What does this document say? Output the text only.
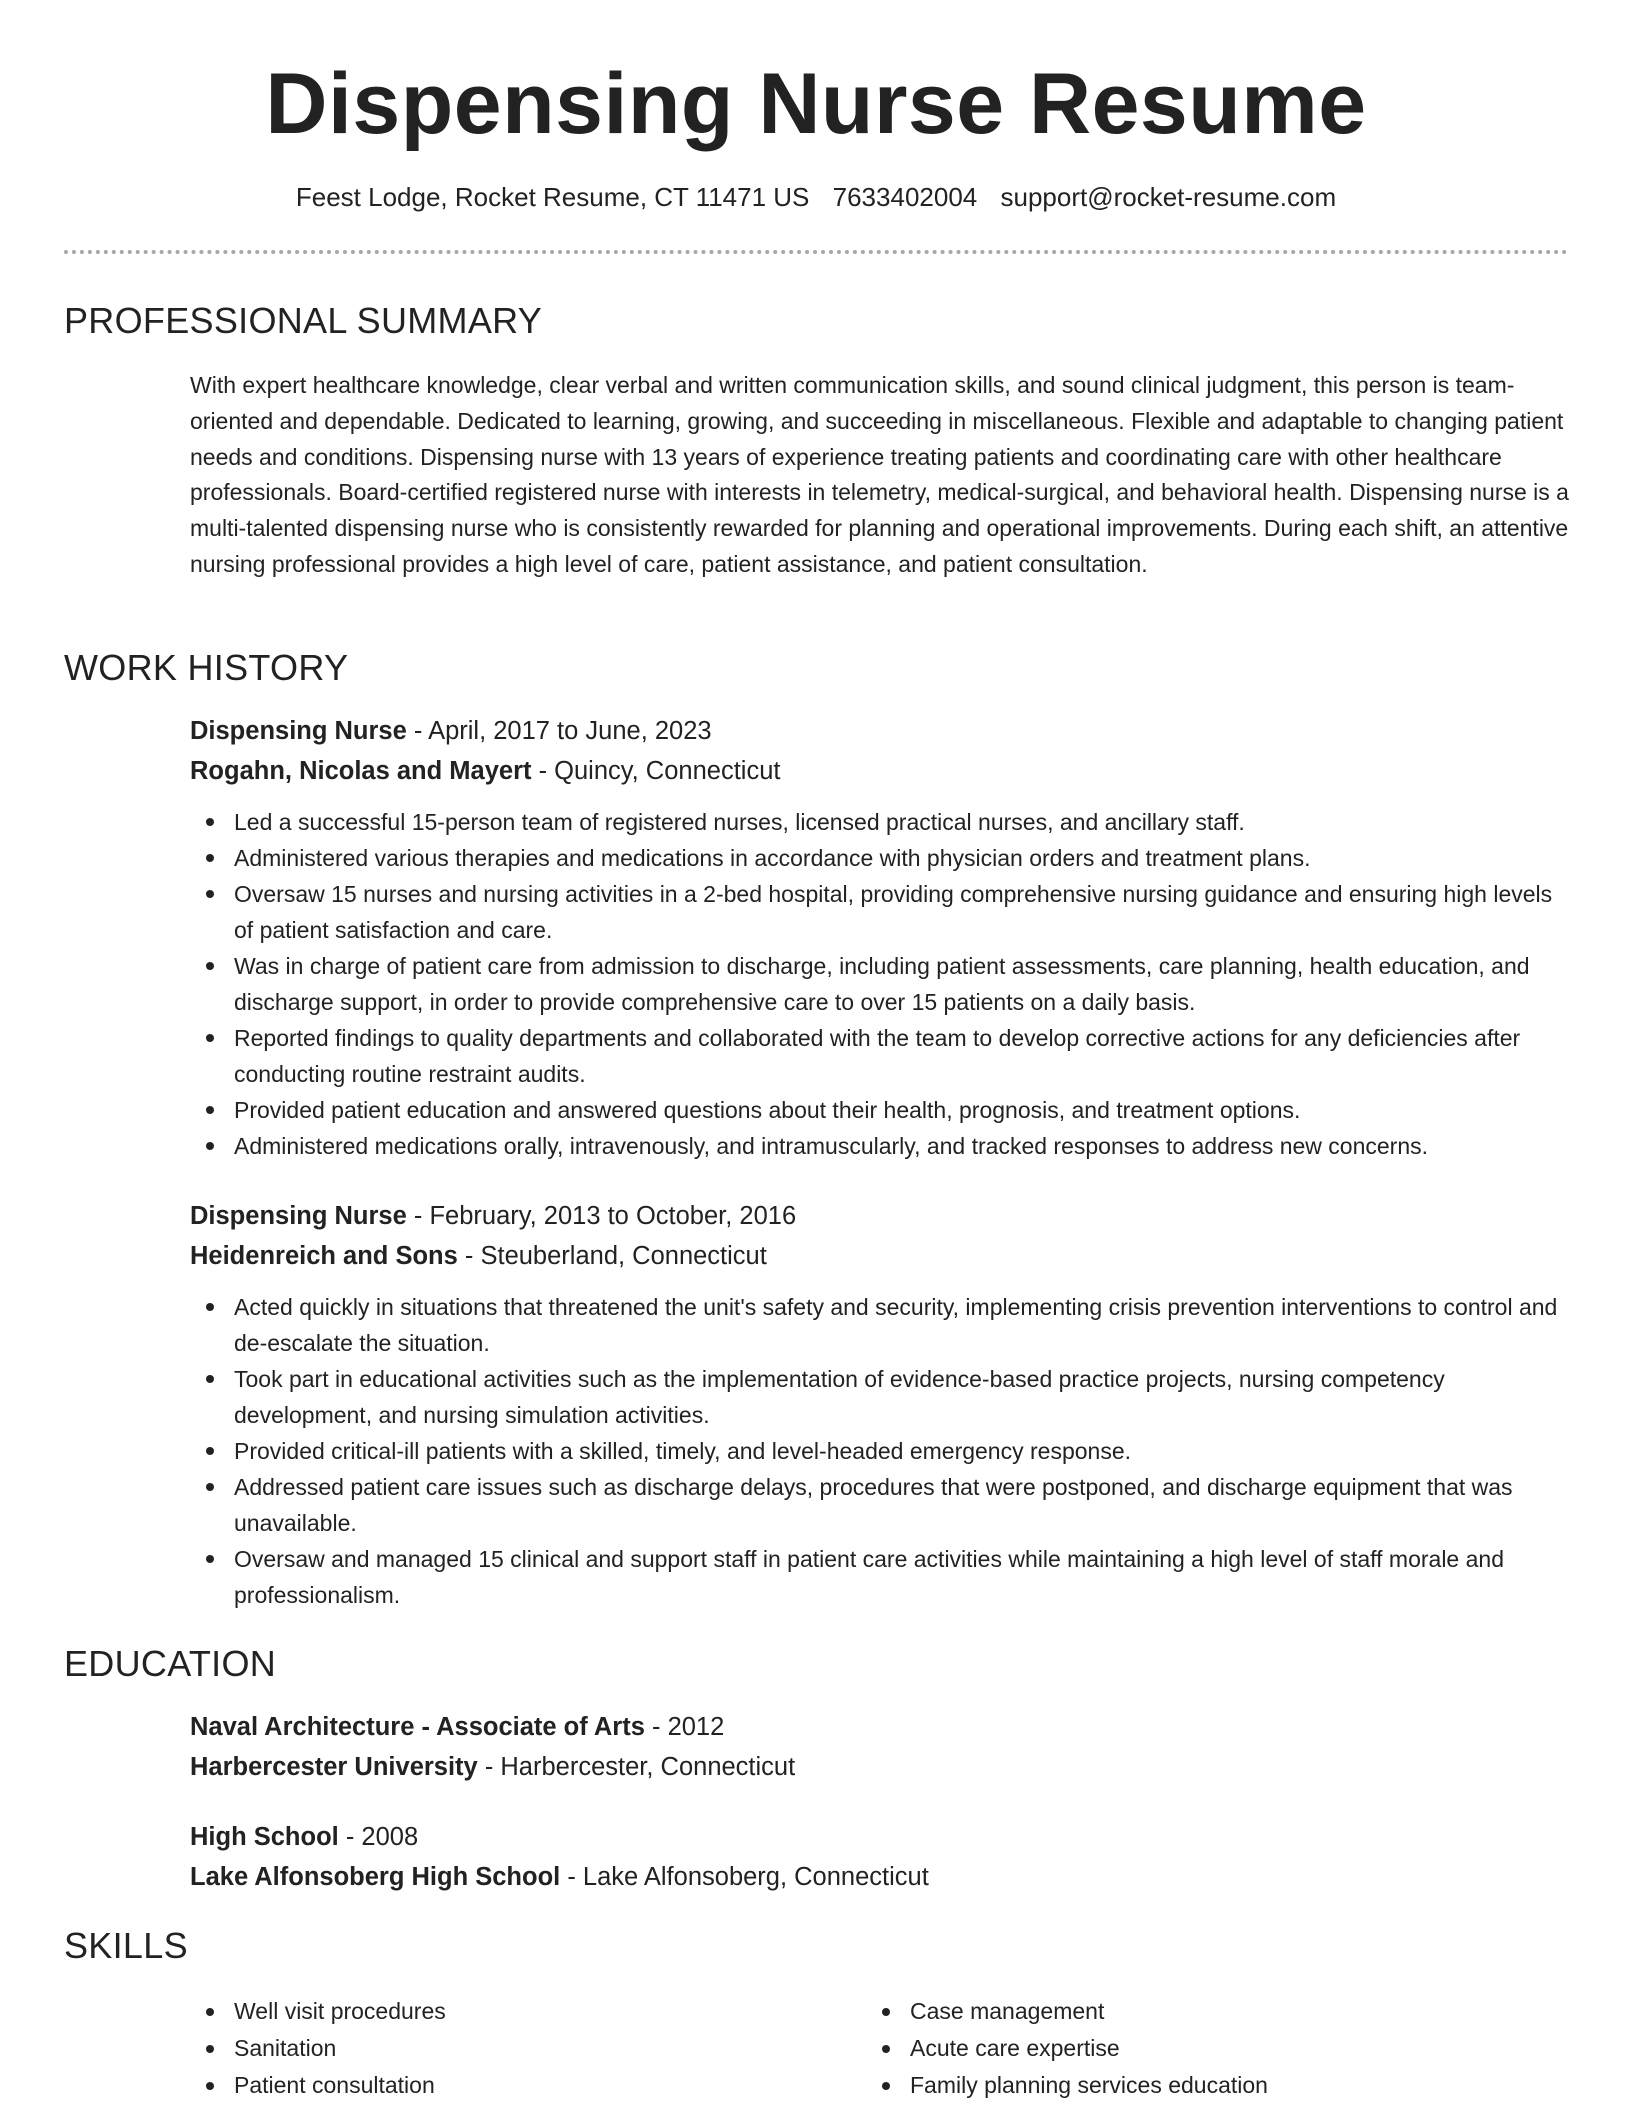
Dispensing Nurse Resume
Feest Lodge, Rocket Resume, CT 11471 US 7633402004 support@rocket-resume.com
PROFESSIONAL SUMMARY

With expert healthcare knowledge, clear verbal and written communication skills, and sound clinical judgment, this person is team-oriented and dependable. Dedicated to learning, growing, and succeeding in miscellaneous. Flexible and adaptable to changing patient needs and conditions. Dispensing nurse with 13 years of experience treating patients and coordinating care with other healthcare professionals. Board-certified registered nurse with interests in telemetry, medical-surgical, and behavioral health. Dispensing nurse is a multi-talented dispensing nurse who is consistently rewarded for planning and operational improvements. During each shift, an attentive nursing professional provides a high level of care, patient assistance, and patient consultation.

WORK HISTORY
Dispensing Nurse - April, 2017 to June, 2023
Rogahn, Nicolas and Mayert - Quincy, Connecticut
Led a successful 15-person team of registered nurses, licensed practical nurses, and ancillary staff.
Administered various therapies and medications in accordance with physician orders and treatment plans.
Oversaw 15 nurses and nursing activities in a 2-bed hospital, providing comprehensive nursing guidance and ensuring high levels of patient satisfaction and care.
Was in charge of patient care from admission to discharge, including patient assessments, care planning, health education, and discharge support, in order to provide comprehensive care to over 15 patients on a daily basis.
Reported findings to quality departments and collaborated with the team to develop corrective actions for any deficiencies after conducting routine restraint audits.
Provided patient education and answered questions about their health, prognosis, and treatment options.
Administered medications orally, intravenously, and intramuscularly, and tracked responses to address new concerns.
Dispensing Nurse - February, 2013 to October, 2016
Heidenreich and Sons - Steuberland, Connecticut
Acted quickly in situations that threatened the unit's safety and security, implementing crisis prevention interventions to control and de-escalate the situation.
Took part in educational activities such as the implementation of evidence-based practice projects, nursing competency development, and nursing simulation activities.
Provided critical-ill patients with a skilled, timely, and level-headed emergency response.
Addressed patient care issues such as discharge delays, procedures that were postponed, and discharge equipment that was unavailable.
Oversaw and managed 15 clinical and support staff in patient care activities while maintaining a high level of staff morale and professionalism.
EDUCATION
Naval Architecture - Associate of Arts - 2012
Harbercester University - Harbercester, Connecticut
High School - 2008
Lake Alfonsoberg High School - Lake Alfonsoberg, Connecticut
SKILLS
Well visit procedures
Sanitation
Patient consultation
Case management
Acute care expertise
Family planning services education
